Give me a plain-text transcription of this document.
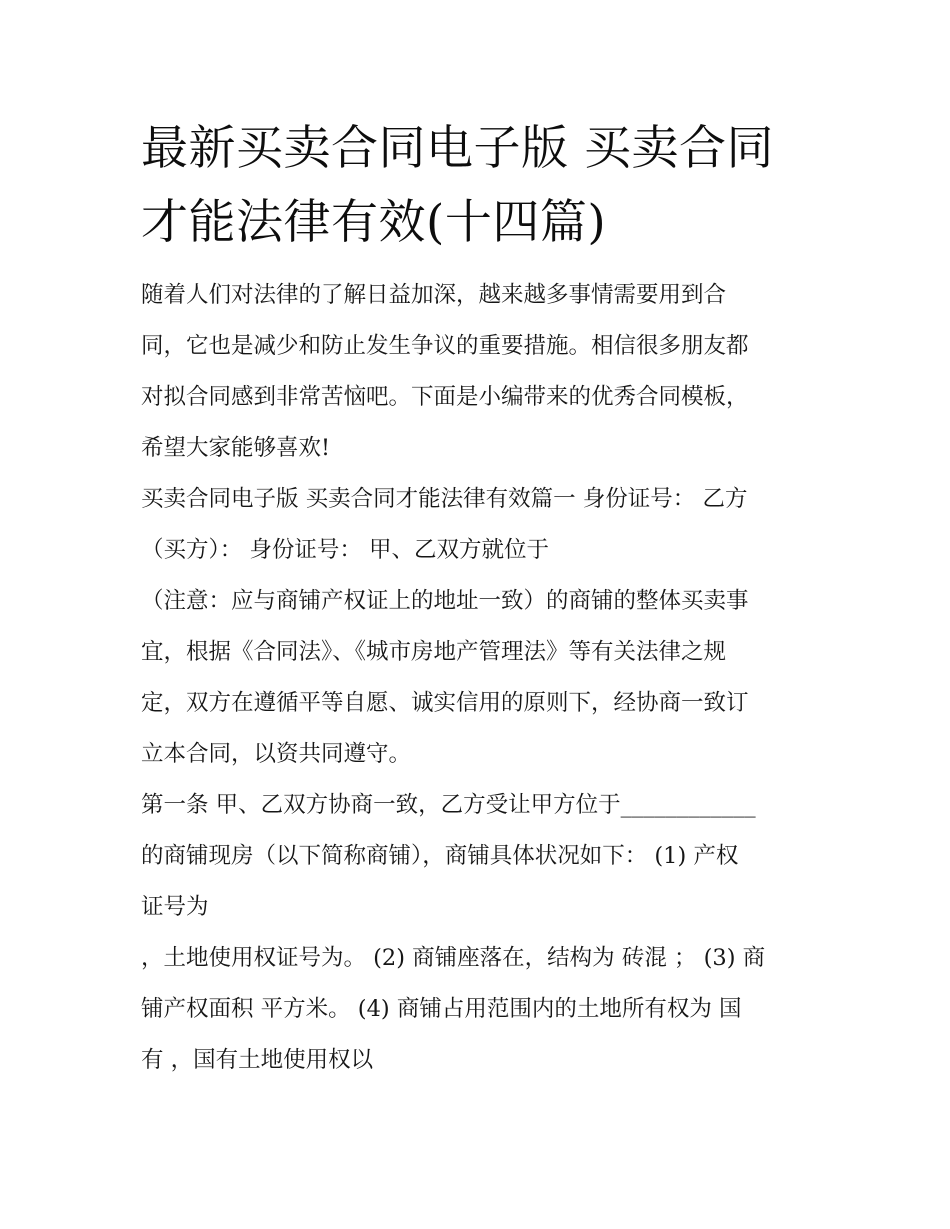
最新买卖合同电子版 买卖合同
才能法律有效(十四篇)
随着人们对法律的了解日益加深，越来越多事情需要用到合
同，它也是减少和防止发生争议的重要措施。相信很多朋友都
对拟合同感到非常苦恼吧。下面是小编带来的优秀合同模板，
希望大家能够喜欢!
买卖合同电子版 买卖合同才能法律有效篇一 身份证号： 乙方
（买方）： 身份证号： 甲、乙双方就位于
（注意：应与商铺产权证上的地址一致）的商铺的整体买卖事
宜，根据《合同法》、《城市房地产管理法》等有关法律之规
定，双方在遵循平等自愿、诚实信用的原则下，经协商一致订
立本合同，以资共同遵守。
第一条 甲、乙双方协商一致，乙方受让甲方位于____________
的商铺现房（以下简称商铺），商铺具体状况如下： (1) 产权
证号为
，土地使用权证号为。 (2) 商铺座落在，结构为 砖混 ； (3) 商
铺产权面积 平方米。 (4) 商铺占用范围内的土地所有权为 国
有 ，国有土地使用权以
